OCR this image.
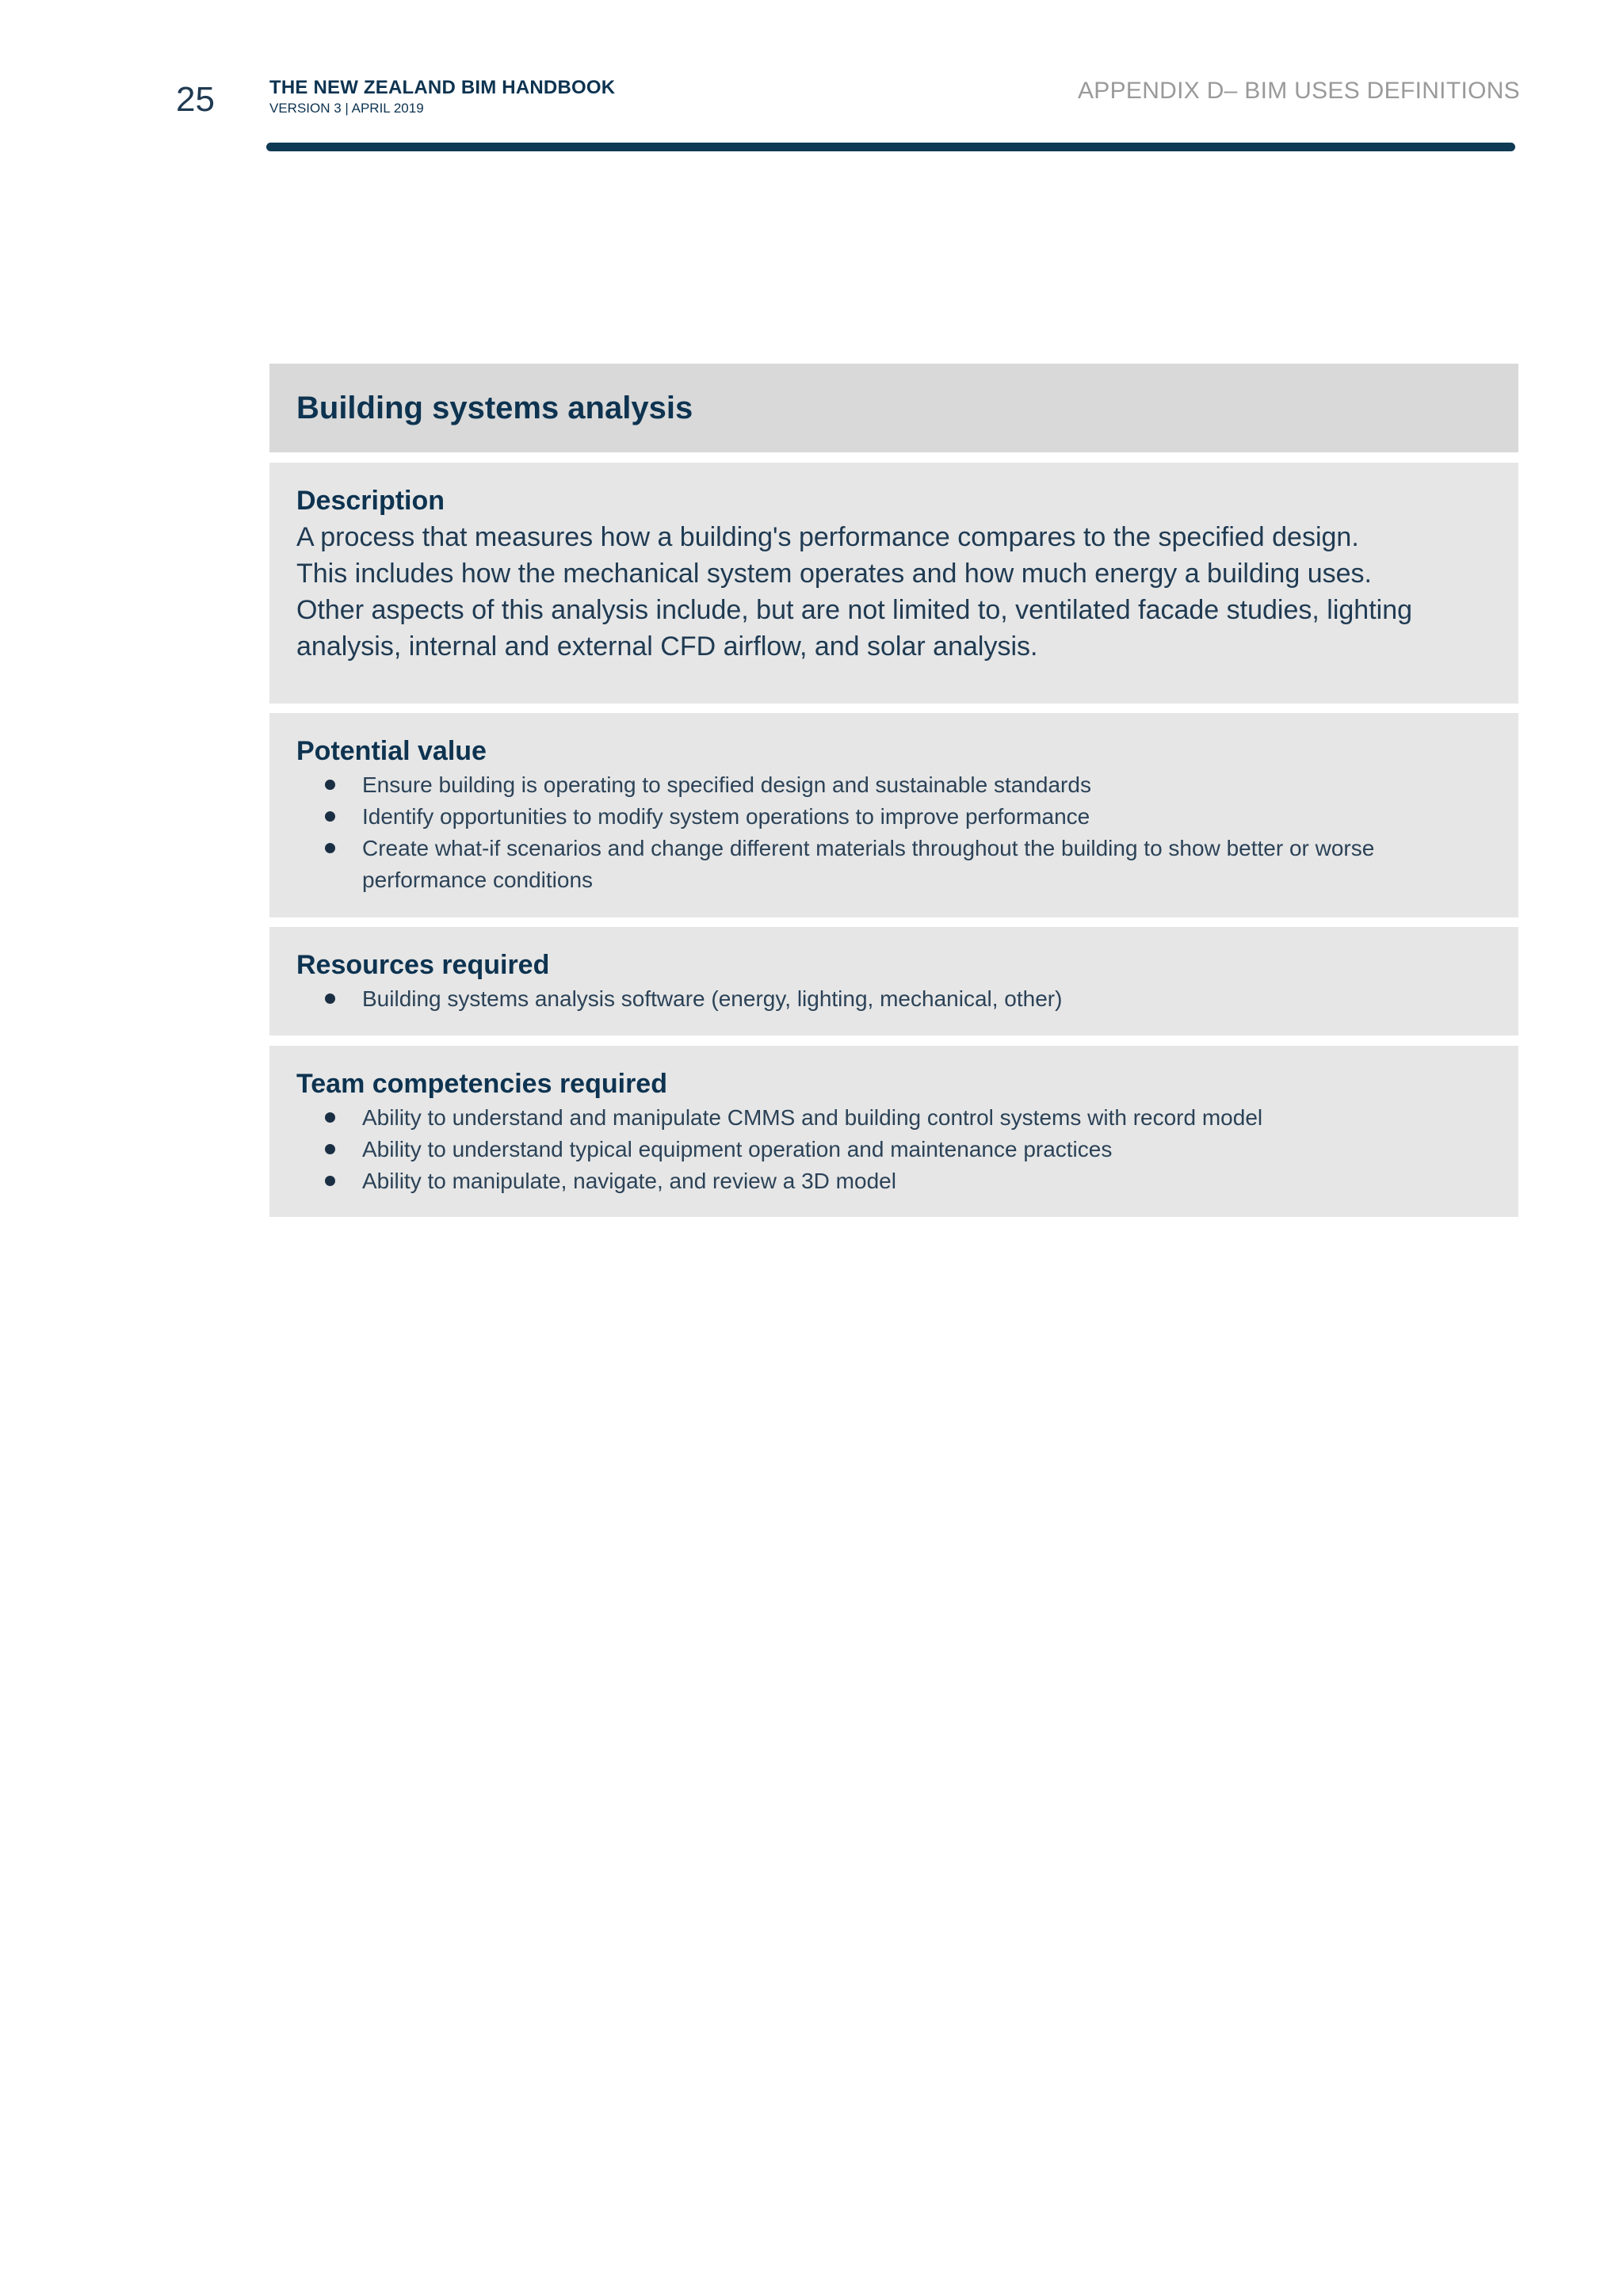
25	THE NEW ZEALAND BIM HANDBOOK
VERSION 3 | APRIL 2019
APPENDIX D– BIM USES DEFINITIONS
Building systems analysis
Description
A process that measures how a building's performance compares to the specified design.
This includes how the mechanical system operates and how much energy a building uses.
Other aspects of this analysis include, but are not limited to, ventilated facade studies, lighting
analysis, internal and external CFD airflow, and solar analysis.
Potential value
Ensure building is operating to specified design and sustainable standards
Identify opportunities to modify system operations to improve performance
Create what-if scenarios and change different materials throughout the building to show better or worse performance conditions
Resources required
Building systems analysis software (energy, lighting, mechanical, other)
Team competencies required
Ability to understand and manipulate CMMS and building control systems with record model
Ability to understand typical equipment operation and maintenance practices
Ability to manipulate, navigate, and review a 3D model
